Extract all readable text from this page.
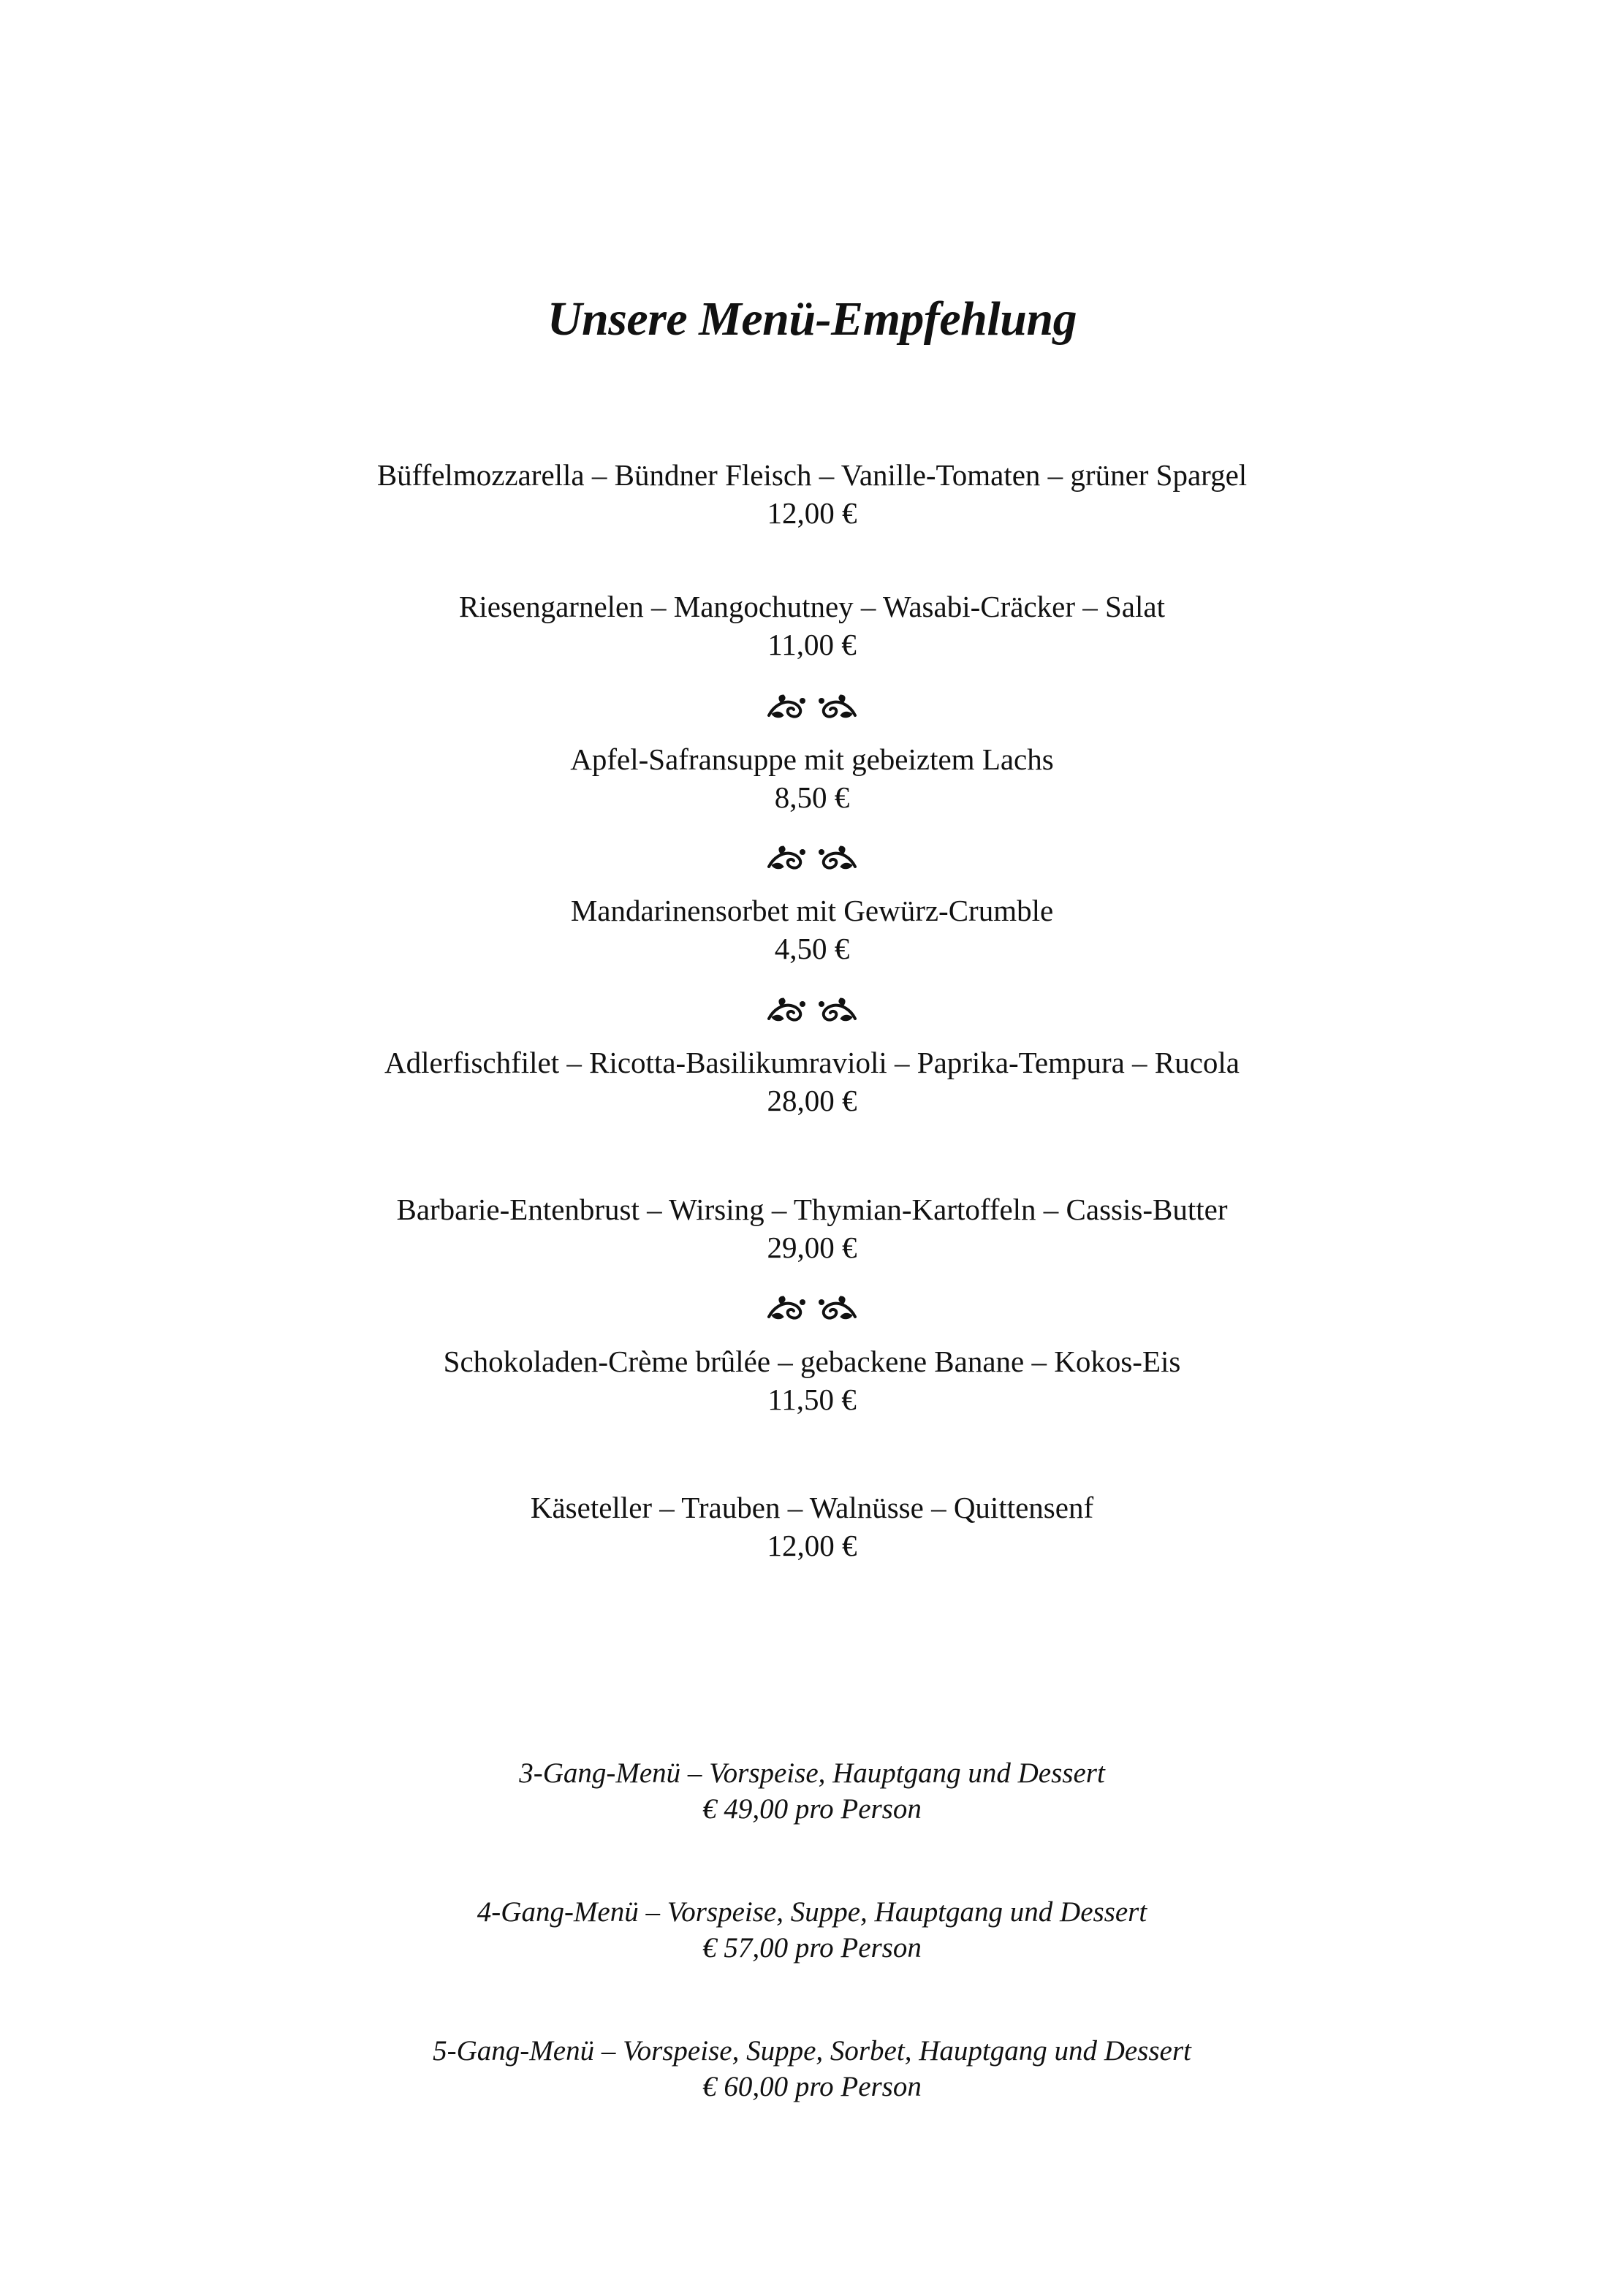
Unsere Menü-Empfehlung
Büffelmozzarella – Bündner Fleisch – Vanille-Tomaten – grüner Spargel
12,00 €
Riesengarnelen – Mangochutney – Wasabi-Cräcker – Salat
11,00 €
Apfel-Safransuppe mit gebeiztem Lachs
8,50 €
Mandarinensorbet mit Gewürz-Crumble
4,50 €
Adlerfischfilet – Ricotta-Basilikumravioli – Paprika-Tempura – Rucola
28,00 €
Barbarie-Entenbrust – Wirsing – Thymian-Kartoffeln – Cassis-Butter
29,00 €
Schokoladen-Crème brûlée – gebackene Banane – Kokos-Eis
11,50 €
Käseteller – Trauben – Walnüsse – Quittensenf
12,00 €
3-Gang-Menü – Vorspeise, Hauptgang und Dessert
€ 49,00 pro Person
4-Gang-Menü – Vorspeise, Suppe, Hauptgang und Dessert
€ 57,00 pro Person
5-Gang-Menü – Vorspeise, Suppe, Sorbet, Hauptgang und Dessert
€ 60,00 pro Person
